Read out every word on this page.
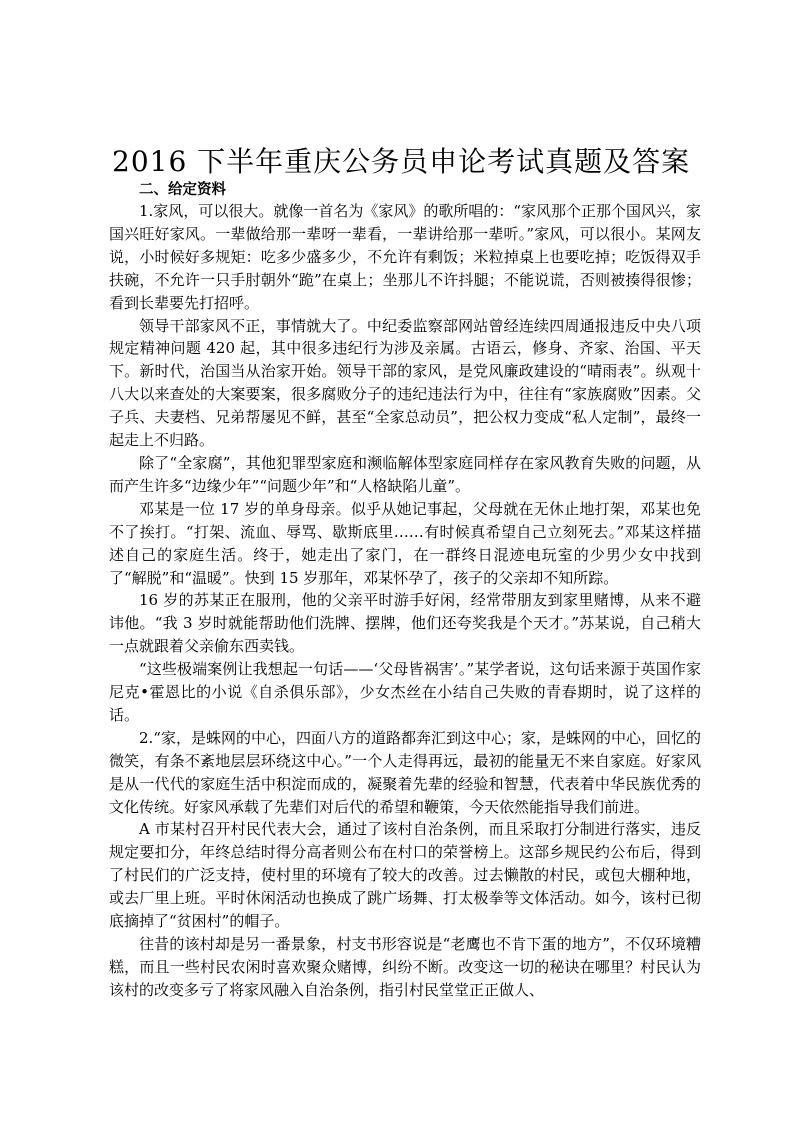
2016 下半年重庆公务员申论考试真题及答案
二、给定资料

1.家风，可以很大。就像一首名为《家风》的歌所唱的：“家风那个正那个国风兴，家国兴旺好家风。一辈做给那一辈呀一辈看，一辈讲给那一辈听。”家风，可以很小。某网友说，小时候好多规矩：吃多少盛多少，不允许有剩饭；米粒掉桌上也要吃掉；吃饭得双手扶碗，不允许一只手肘朝外“跪”在桌上；坐那儿不许抖腿；不能说谎，否则被揍得很惨；看到长辈要先打招呼。

领导干部家风不正，事情就大了。中纪委监察部网站曾经连续四周通报违反中央八项规定精神问题 420 起，其中很多违纪行为涉及亲属。古语云，修身、齐家、治国、平天下。新时代，治国当从治家开始。领导干部的家风，是党风廉政建设的“晴雨表”。纵观十八大以来查处的大案要案，很多腐败分子的违纪违法行为中，往往有“家族腐败”因素。父子兵、夫妻档、兄弟帮屡见不鲜，甚至“全家总动员”，把公权力变成“私人定制”，最终一起走上不归路。

除了“全家腐”，其他犯罪型家庭和濒临解体型家庭同样存在家风教育失败的问题，从而产生许多“边缘少年”“问题少年”和“人格缺陷儿童”。

邓某是一位 17 岁的单身母亲。似乎从她记事起，父母就在无休止地打架，邓某也免不了挨打。“打架、流血、辱骂、歇斯底里……有时候真希望自己立刻死去。”邓某这样描述自己的家庭生活。终于，她走出了家门，在一群终日混迹电玩室的少男少女中找到了“解脱”和“温暖”。快到 15 岁那年，邓某怀孕了，孩子的父亲却不知所踪。

16 岁的苏某正在服刑，他的父亲平时游手好闲，经常带朋友到家里赌博，从来不避讳他。“我 3 岁时就能帮助他们洗牌、摆牌，他们还夸奖我是个天才。”苏某说，自己稍大一点就跟着父亲偷东西卖钱。

“这些极端案例让我想起一句话——‘父母皆祸害’。”某学者说，这句话来源于英国作家尼克•霍恩比的小说《自杀俱乐部》，少女杰丝在小结自己失败的青春期时，说了这样的话。

2.“家，是蛛网的中心，四面八方的道路都奔汇到这中心；家，是蛛网的中心，回忆的微笑，有条不紊地层层环绕这中心。”一个人走得再远，最初的能量无不来自家庭。好家风是从一代代的家庭生活中积淀而成的，凝聚着先辈的经验和智慧，代表着中华民族优秀的文化传统。好家风承载了先辈们对后代的希望和鞭策，今天依然能指导我们前进。

A 市某村召开村民代表大会，通过了该村自治条例，而且采取打分制进行落实，违反规定要扣分，年终总结时得分高者则公布在村口的荣誉榜上。这部乡规民约公布后，得到了村民们的广泛支持，使村里的环境有了较大的改善。过去懒散的村民，或包大棚种地，或去厂里上班。平时休闲活动也换成了跳广场舞、打太极拳等文体活动。如今，该村已彻底摘掉了“贫困村”的帽子。

往昔的该村却是另一番景象，村支书形容说是“老鹰也不肯下蛋的地方”，不仅环境糟糕，而且一些村民农闲时喜欢聚众赌博，纠纷不断。改变这一切的秘诀在哪里？村民认为该村的改变多亏了将家风融入自治条例，指引村民堂堂正正做人、
